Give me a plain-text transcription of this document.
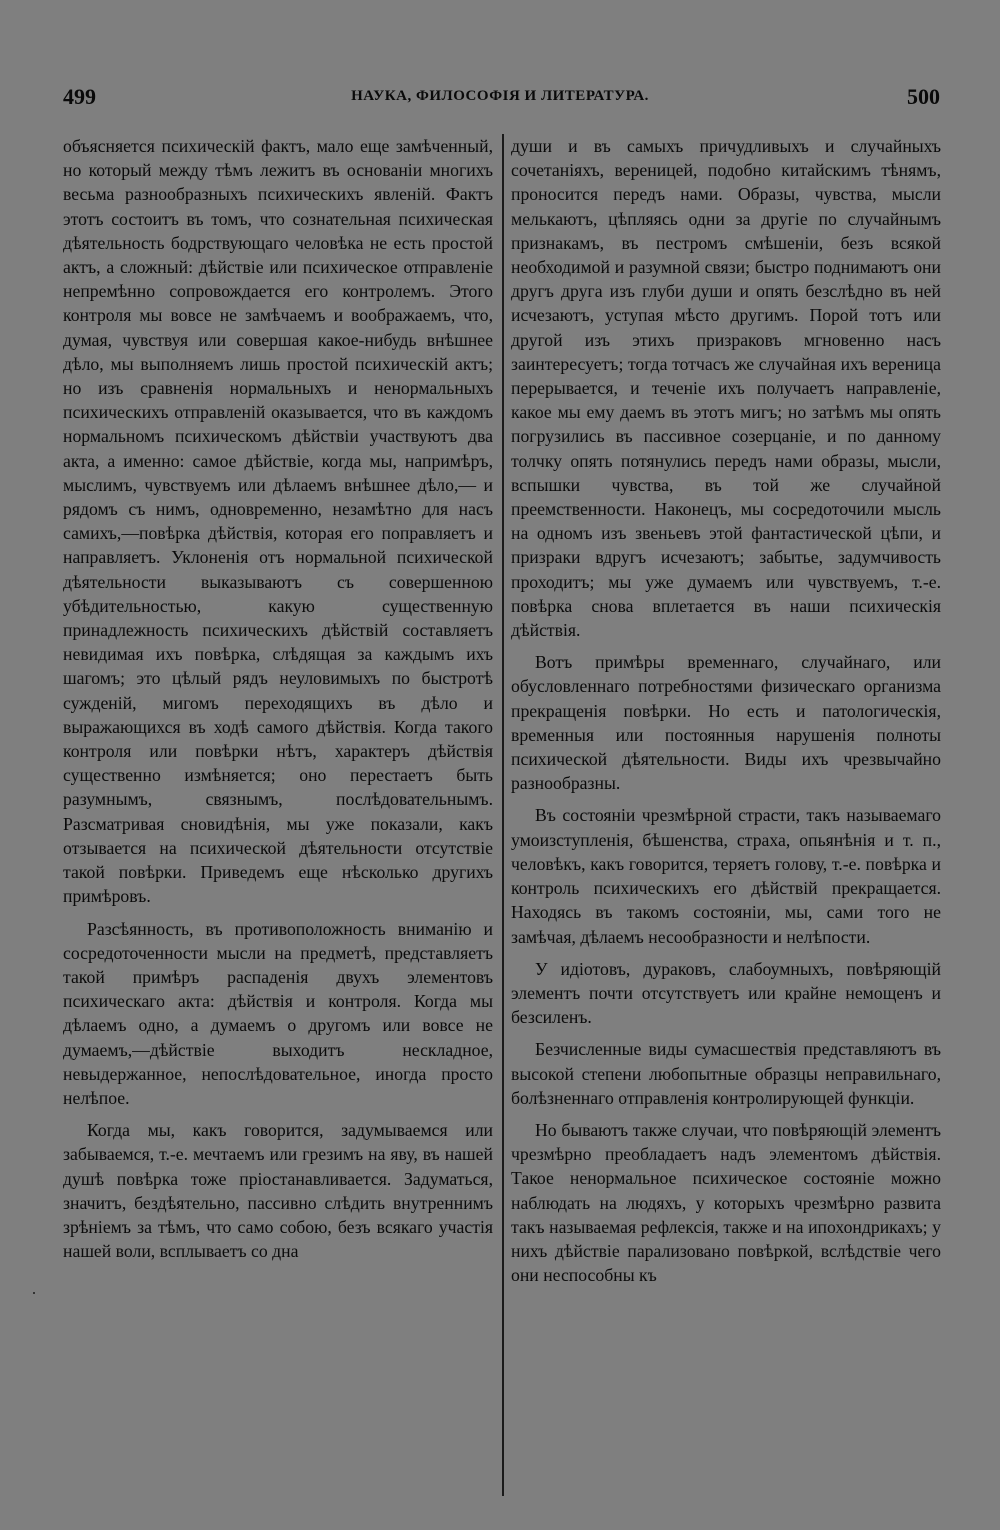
499	НАУКА, ФИЛОСОФІЯ И ЛИТЕРАТУРА.	500

объясняется психическій фактъ, мало еще замѣченный, но который между тѣмъ лежитъ въ основаніи многихъ весьма разнообразныхъ психическихъ явленій. Фактъ этотъ состоитъ въ томъ, что сознательная психическая дѣятельность бодрствующаго человѣка не есть простой актъ, а сложный: дѣйствіе или психическое отправленіе непремѣнно сопровождается его контролемъ. Этого контроля мы вовсе не замѣчаемъ и воображаемъ, что, думая, чувствуя или совершая какое-нибудь внѣшнее дѣло, мы выполняемъ лишь простой психическій актъ; но изъ сравненія нормальныхъ и ненормальныхъ психическихъ отправленій оказывается, что въ каждомъ нормальномъ психическомъ дѣйствіи участвуютъ два акта, а именно: самое дѣйствіе, когда мы, напримѣръ, мыслимъ, чувствуемъ или дѣлаемъ внѣшнее дѣло,— и рядомъ съ нимъ, одновременно, незамѣтно для насъ самихъ,—повѣрка дѣйствія, которая его поправляетъ и направляетъ. Уклоненія отъ нормальной психической дѣятельности выказываютъ съ совершенною убѣдительностью, какую существенную принадлежность психическихъ дѣйствій составляетъ невидимая ихъ повѣрка, слѣдящая за каждымъ ихъ шагомъ; это цѣлый рядъ неуловимыхъ по быстротѣ сужденій, мигомъ переходящихъ въ дѣло и выражающихся въ ходѣ самого дѣйствія. Когда такого контроля или повѣрки нѣтъ, характеръ дѣйствія существенно измѣняется; оно перестаетъ быть разумнымъ, связнымъ, послѣдовательнымъ. Разсматривая сновидѣнія, мы уже показали, какъ отзывается на психической дѣятельности отсутствіе такой повѣрки. Приведемъ еще нѣсколько другихъ примѣровъ.

Разсѣянность, въ противоположность вниманію и сосредоточенности мысли на предметѣ, представляетъ такой примѣръ распаденія двухъ элементовъ психическаго акта: дѣйствія и контроля. Когда мы дѣлаемъ одно, а думаемъ о другомъ или вовсе не думаемъ,—дѣйствіе выходитъ нескладное, невыдержанное, непослѣдовательное, иногда просто нелѣпое.

Когда мы, какъ говорится, задумываемся или забываемся, т.-е. мечтаемъ или грезимъ на яву, въ нашей душѣ повѣрка тоже пріостанавливается. Задуматься, значитъ, бездѣятельно, пассивно слѣдить внутреннимъ зрѣніемъ за тѣмъ, что само собою, безъ всякаго участія нашей воли, всплываетъ со дна

души и въ самыхъ причудливыхъ и случайныхъ сочетаніяхъ, вереницей, подобно китайскимъ тѣнямъ, проносится передъ нами. Образы, чувства, мысли мелькаютъ, цѣпляясь одни за другіе по случайнымъ признакамъ, въ пестромъ смѣшеніи, безъ всякой необходимой и разумной связи; быстро поднимаютъ они другъ друга изъ глуби души и опять безслѣдно въ ней исчезаютъ, уступая мѣсто другимъ. Порой тотъ или другой изъ этихъ призраковъ мгновенно насъ заинтересуетъ; тогда тотчасъ же случайная ихъ вереница перерывается, и теченіе ихъ получаетъ направленіе, какое мы ему даемъ въ этотъ мигъ; но затѣмъ мы опять погрузились въ пассивное созерцаніе, и по данному толчку опять потянулись передъ нами образы, мысли, вспышки чувства, въ той же случайной преемственности. Наконецъ, мы сосредоточили мысль на одномъ изъ звеньевъ этой фантастической цѣпи, и призраки вдругъ исчезаютъ; забытье, задумчивость проходитъ; мы уже думаемъ или чувствуемъ, т.-е. повѣрка снова вплетается въ наши психическія дѣйствія.

Вотъ примѣры временнаго, случайнаго, или обусловленнаго потребностями физическаго организма прекращенія повѣрки. Но есть и патологическія, временныя или постоянныя нарушенія полноты психической дѣятельности. Виды ихъ чрезвычайно разнообразны.

Въ состояніи чрезмѣрной страсти, такъ называемаго умоизступленія, бѣшенства, страха, опьянѣнія и т. п., человѣкъ, какъ говорится, теряетъ голову, т.-е. повѣрка и контроль психическихъ его дѣйствій прекращается. Находясь въ такомъ состояніи, мы, сами того не замѣчая, дѣлаемъ несообразности и нелѣпости.

У идіотовъ, дураковъ, слабоумныхъ, повѣряющій элементъ почти отсутствуетъ или крайне немощенъ и безсиленъ.

Безчисленные виды сумасшествія представляютъ въ высокой степени любопытные образцы неправильнаго, болѣзненнаго отправленія контролирующей функціи.

Но бываютъ также случаи, что повѣряющій элементъ чрезмѣрно преобладаетъ надъ элементомъ дѣйствія. Такое ненормальное психическое состояніе можно наблюдать на людяхъ, у которыхъ чрезмѣрно развита такъ называемая рефлексія, также и на ипохондрикахъ; у нихъ дѣйствіе парализовано повѣркой, вслѣдствіе чего они неспособны къ
